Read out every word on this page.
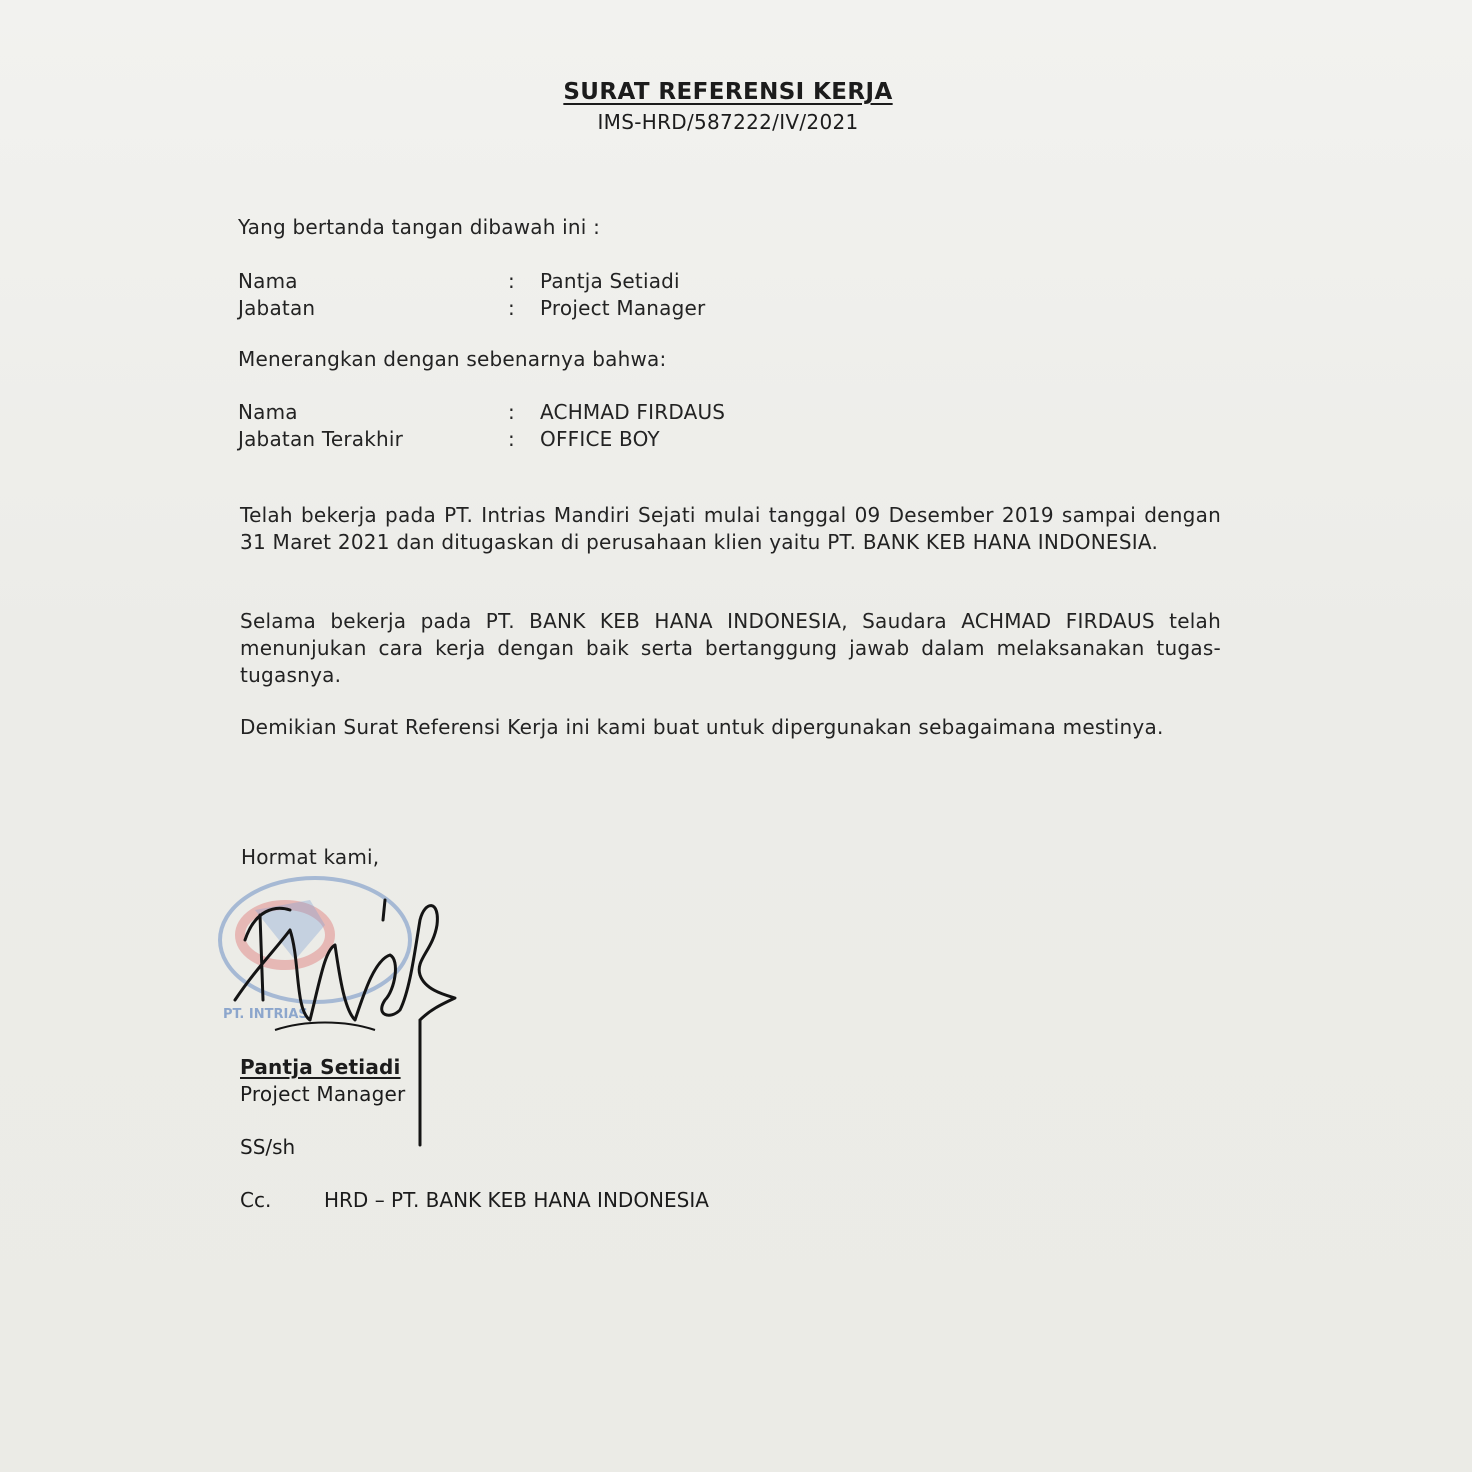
SURAT REFERENSI KERJA
IMS-HRD/587222/IV/2021
Yang bertanda tangan dibawah ini :
Nama	: Pantja Setiadi
Jabatan	: Project Manager
Menerangkan dengan sebenarnya bahwa:
Nama	: ACHMAD FIRDAUS
Jabatan Terakhir	: OFFICE BOY
Telah bekerja pada PT. Intrias Mandiri Sejati mulai tanggal 09 Desember 2019 sampai dengan 31 Maret 2021 dan ditugaskan di perusahaan klien yaitu PT. BANK KEB HANA INDONESIA.
Selama bekerja pada PT. BANK KEB HANA INDONESIA, Saudara ACHMAD FIRDAUS telah menunjukan cara kerja dengan baik serta bertanggung jawab dalam melaksanakan tugas-tugasnya.
Demikian Surat Referensi Kerja ini kami buat untuk dipergunakan sebagaimana mestinya.
Hormat kami,
PT. INTRIAS
Pantja Setiadi
Project Manager
SS/sh
Cc.	HRD – PT. BANK KEB HANA INDONESIA
